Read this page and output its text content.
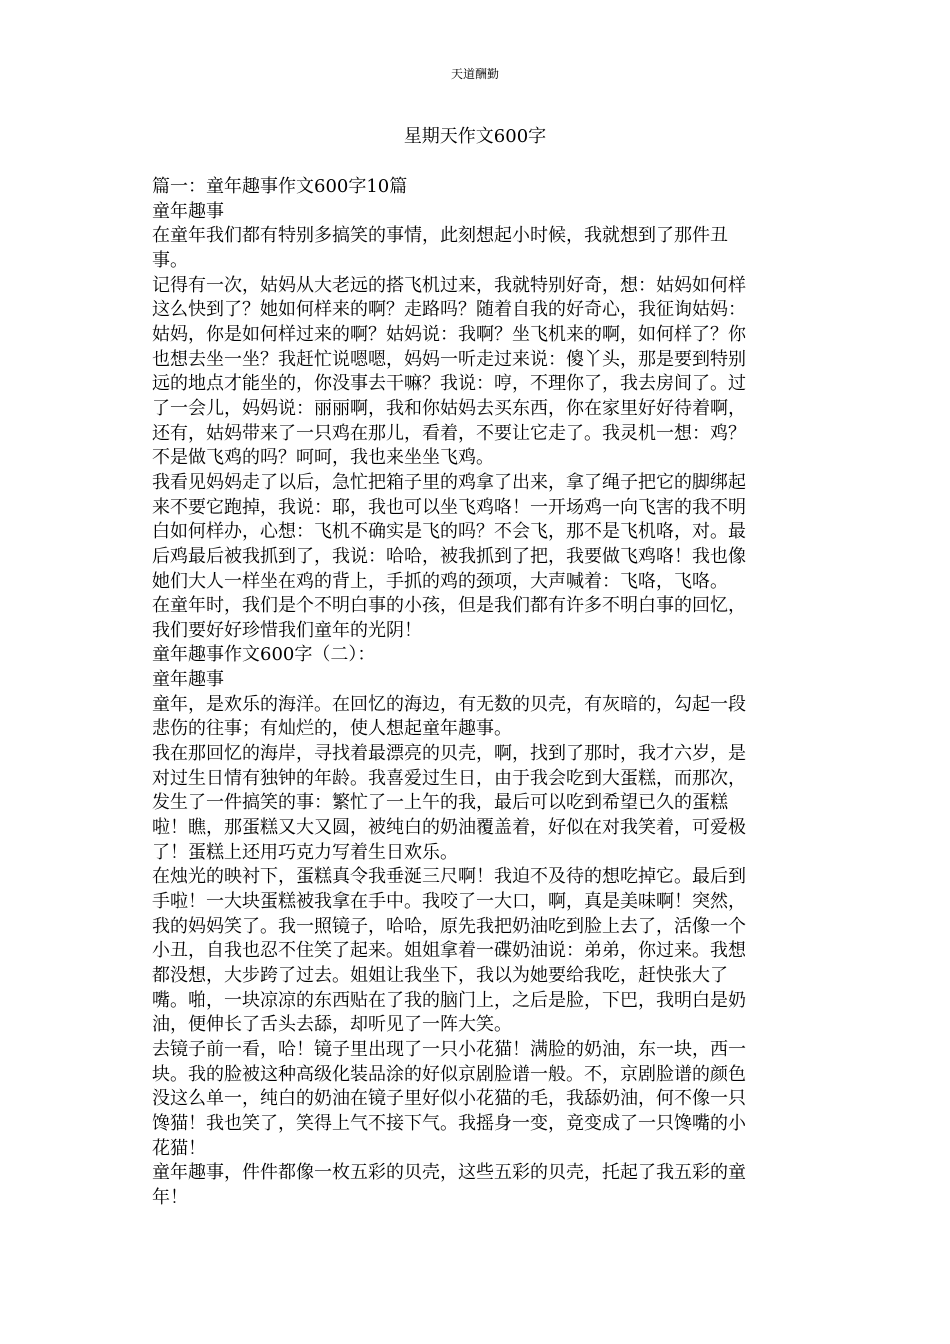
天道酬勤
星期天作文600字

篇一：童年趣事作文600字10篇

童年趣事

在童年我们都有特别多搞笑的事情，此刻想起小时候，我就想到了那件丑

事。

记得有一次，姑妈从大老远的搭飞机过来，我就特别好奇，想：姑妈如何样

这么快到了？她如何样来的啊？走路吗？随着自我的好奇心，我征询姑妈：

姑妈，你是如何样过来的啊？姑妈说：我啊？坐飞机来的啊，如何样了？你

也想去坐一坐？我赶忙说嗯嗯，妈妈一听走过来说：傻丫头，那是要到特别

远的地点才能坐的，你没事去干嘛？我说：哼，不理你了，我去房间了。过

了一会儿，妈妈说：丽丽啊，我和你姑妈去买东西，你在家里好好待着啊，

还有，姑妈带来了一只鸡在那儿，看着，不要让它走了。我灵机一想：鸡？

不是做飞鸡的吗？呵呵，我也来坐坐飞鸡。

我看见妈妈走了以后，急忙把箱子里的鸡拿了出来，拿了绳子把它的脚绑起

来不要它跑掉，我说：耶，我也可以坐飞鸡咯！一开场鸡一向飞害的我不明

白如何样办，心想：飞机不确实是飞的吗？不会飞，那不是飞机咯，对。最

后鸡最后被我抓到了，我说：哈哈，被我抓到了把，我要做飞鸡咯！我也像

她们大人一样坐在鸡的背上，手抓的鸡的颈项，大声喊着：飞咯，飞咯。

在童年时，我们是个不明白事的小孩，但是我们都有许多不明白事的回忆，

我们要好好珍惜我们童年的光阴！

童年趣事作文600字（二）：

童年趣事

童年，是欢乐的海洋。在回忆的海边，有无数的贝壳，有灰暗的，勾起一段

悲伤的往事；有灿烂的，使人想起童年趣事。

我在那回忆的海岸，寻找着最漂亮的贝壳，啊，找到了那时，我才六岁，是

对过生日情有独钟的年龄。我喜爱过生日，由于我会吃到大蛋糕，而那次，

发生了一件搞笑的事：繁忙了一上午的我，最后可以吃到希望已久的蛋糕

啦！瞧，那蛋糕又大又圆，被纯白的奶油覆盖着，好似在对我笑着，可爱极

了！蛋糕上还用巧克力写着生日欢乐。

在烛光的映衬下，蛋糕真令我垂涎三尺啊！我迫不及待的想吃掉它。最后到

手啦！一大块蛋糕被我拿在手中。我咬了一大口，啊，真是美味啊！突然，

我的妈妈笑了。我一照镜子，哈哈，原先我把奶油吃到脸上去了，活像一个

小丑，自我也忍不住笑了起来。姐姐拿着一碟奶油说：弟弟，你过来。我想

都没想，大步跨了过去。姐姐让我坐下，我以为她要给我吃，赶快张大了

嘴。啪，一块凉凉的东西贴在了我的脑门上，之后是脸，下巴，我明白是奶

油，便伸长了舌头去舔，却听见了一阵大笑。

去镜子前一看，哈！镜子里出现了一只小花猫！满脸的奶油，东一块，西一

块。我的脸被这种高级化装品涂的好似京剧脸谱一般。不，京剧脸谱的颜色

没这么单一，纯白的奶油在镜子里好似小花猫的毛，我舔奶油，何不像一只

馋猫！我也笑了，笑得上气不接下气。我摇身一变，竟变成了一只馋嘴的小

花猫！

童年趣事，件件都像一枚五彩的贝壳，这些五彩的贝壳，托起了我五彩的童

年！
